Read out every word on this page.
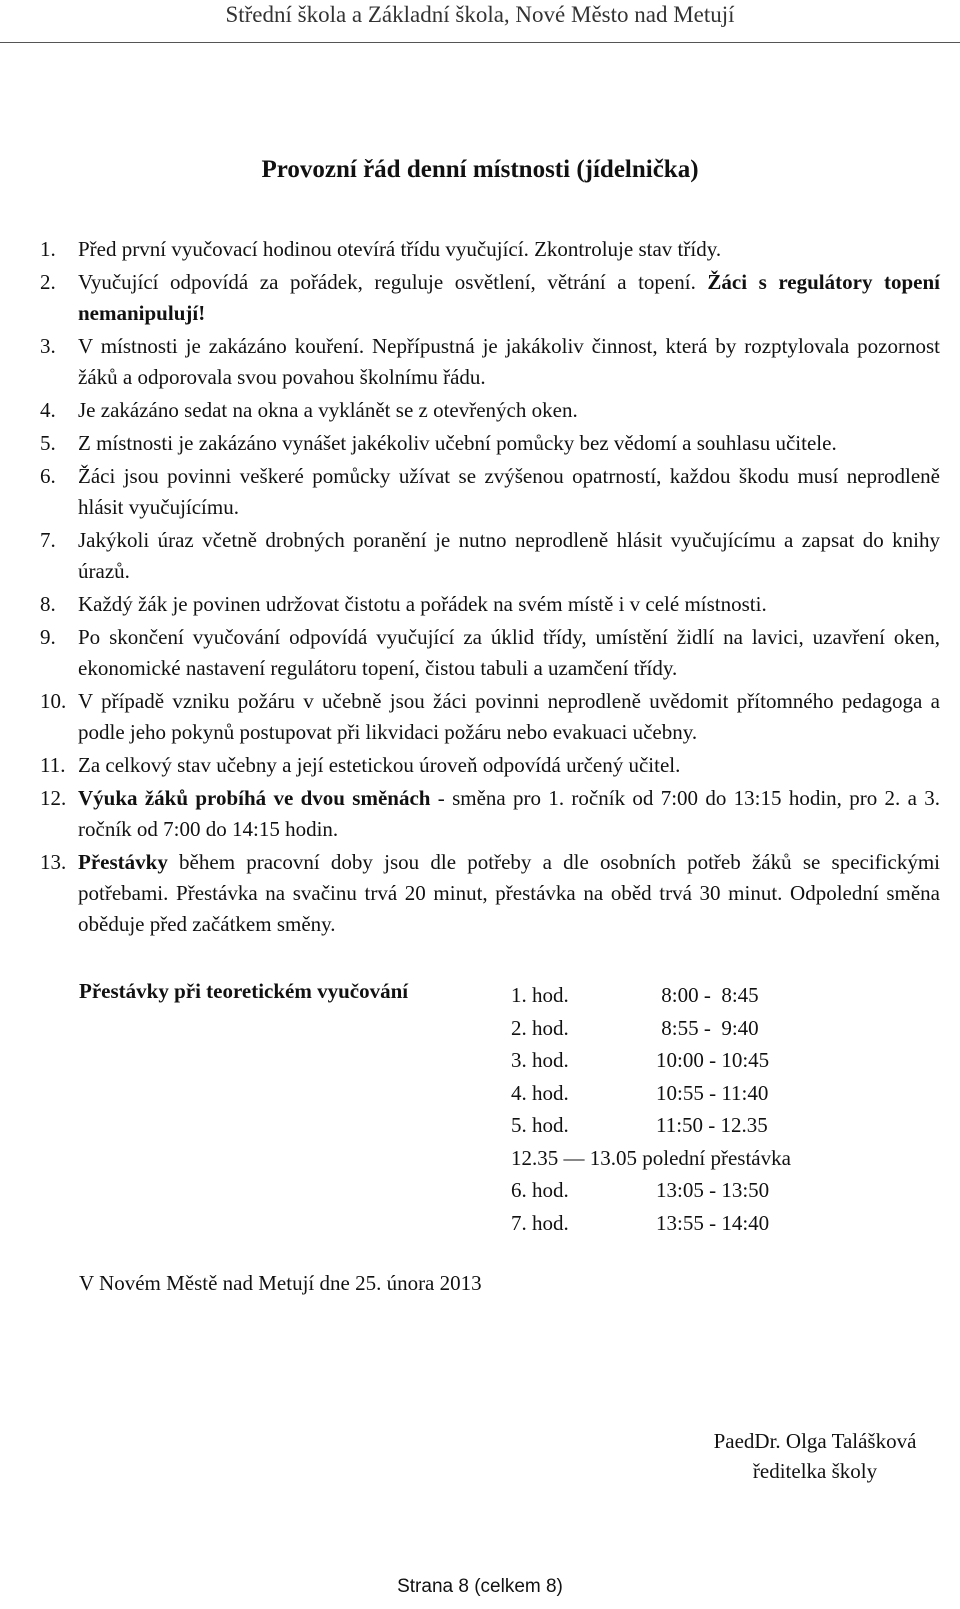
Střední škola a Základní škola, Nové Město nad Metují
Provozní řád denní místnosti (jídelnička)
1.	Před první vyučovací hodinou otevírá třídu vyučující. Zkontroluje stav třídy.
2.	Vyučující odpovídá za pořádek, reguluje osvětlení, větrání a topení. Žáci s regulátory topení nemanipulují!
3.	V místnosti je zakázáno kouření. Nepřípustná je jakákoliv činnost, která by rozptylovala pozornost žáků a odporovala svou povahou školnímu řádu.
4.	Je zakázáno sedat na okna a vyklánět se z otevřených oken.
5.	Z místnosti je zakázáno vynášet jakékoliv učební pomůcky bez vědomí a souhlasu učitele.
6.	Žáci jsou povinni veškeré pomůcky užívat se zvýšenou opatrností, každou škodu musí neprodleně hlásit vyučujícímu.
7.	Jakýkoli úraz včetně drobných poranění je nutno neprodleně hlásit vyučujícímu a zapsat do knihy úrazů.
8.	Každý žák je povinen udržovat čistotu a pořádek na svém místě i v celé místnosti.
9.	Po skončení vyučování odpovídá vyučující za úklid třídy, umístění židlí na lavici, uzavření oken, ekonomické nastavení regulátoru topení, čistou tabuli a uzamčení třídy.
10. V případě vzniku požáru v učebně jsou žáci povinni neprodleně uvědomit přítomného pedagoga a podle jeho pokynů postupovat při likvidaci požáru nebo evakuaci učebny.
11. Za celkový stav učebny a její estetickou úroveň odpovídá určený učitel.
12. Výuka žáků probíhá ve dvou směnách - směna pro 1. ročník od 7:00 do 13:15 hodin, pro 2. a 3. ročník od 7:00 do 14:15 hodin.
13. Přestávky během pracovní doby jsou dle potřeby a dle osobních potřeb žáků se specifickými potřebami. Přestávka na svačinu trvá 20 minut, přestávka na oběd trvá 30 minut. Odpolední směna oběduje před začátkem směny.
Přestávky při teoretickém vyučování	1. hod.	8:00 -  8:45
2. hod.	8:55 -  9:40
3. hod.	10:00 - 10:45
4. hod.	10:55 - 11:40
5. hod.	11:50 - 12.35
12.35 — 13.05 polední přestávka
6. hod.	13:05 - 13:50
7. hod.	13:55 - 14:40
V Novém Městě nad Metují dne 25. února 2013
PaedDr. Olga Talášková
ředitelka školy
Strana 8 (celkem 8)
